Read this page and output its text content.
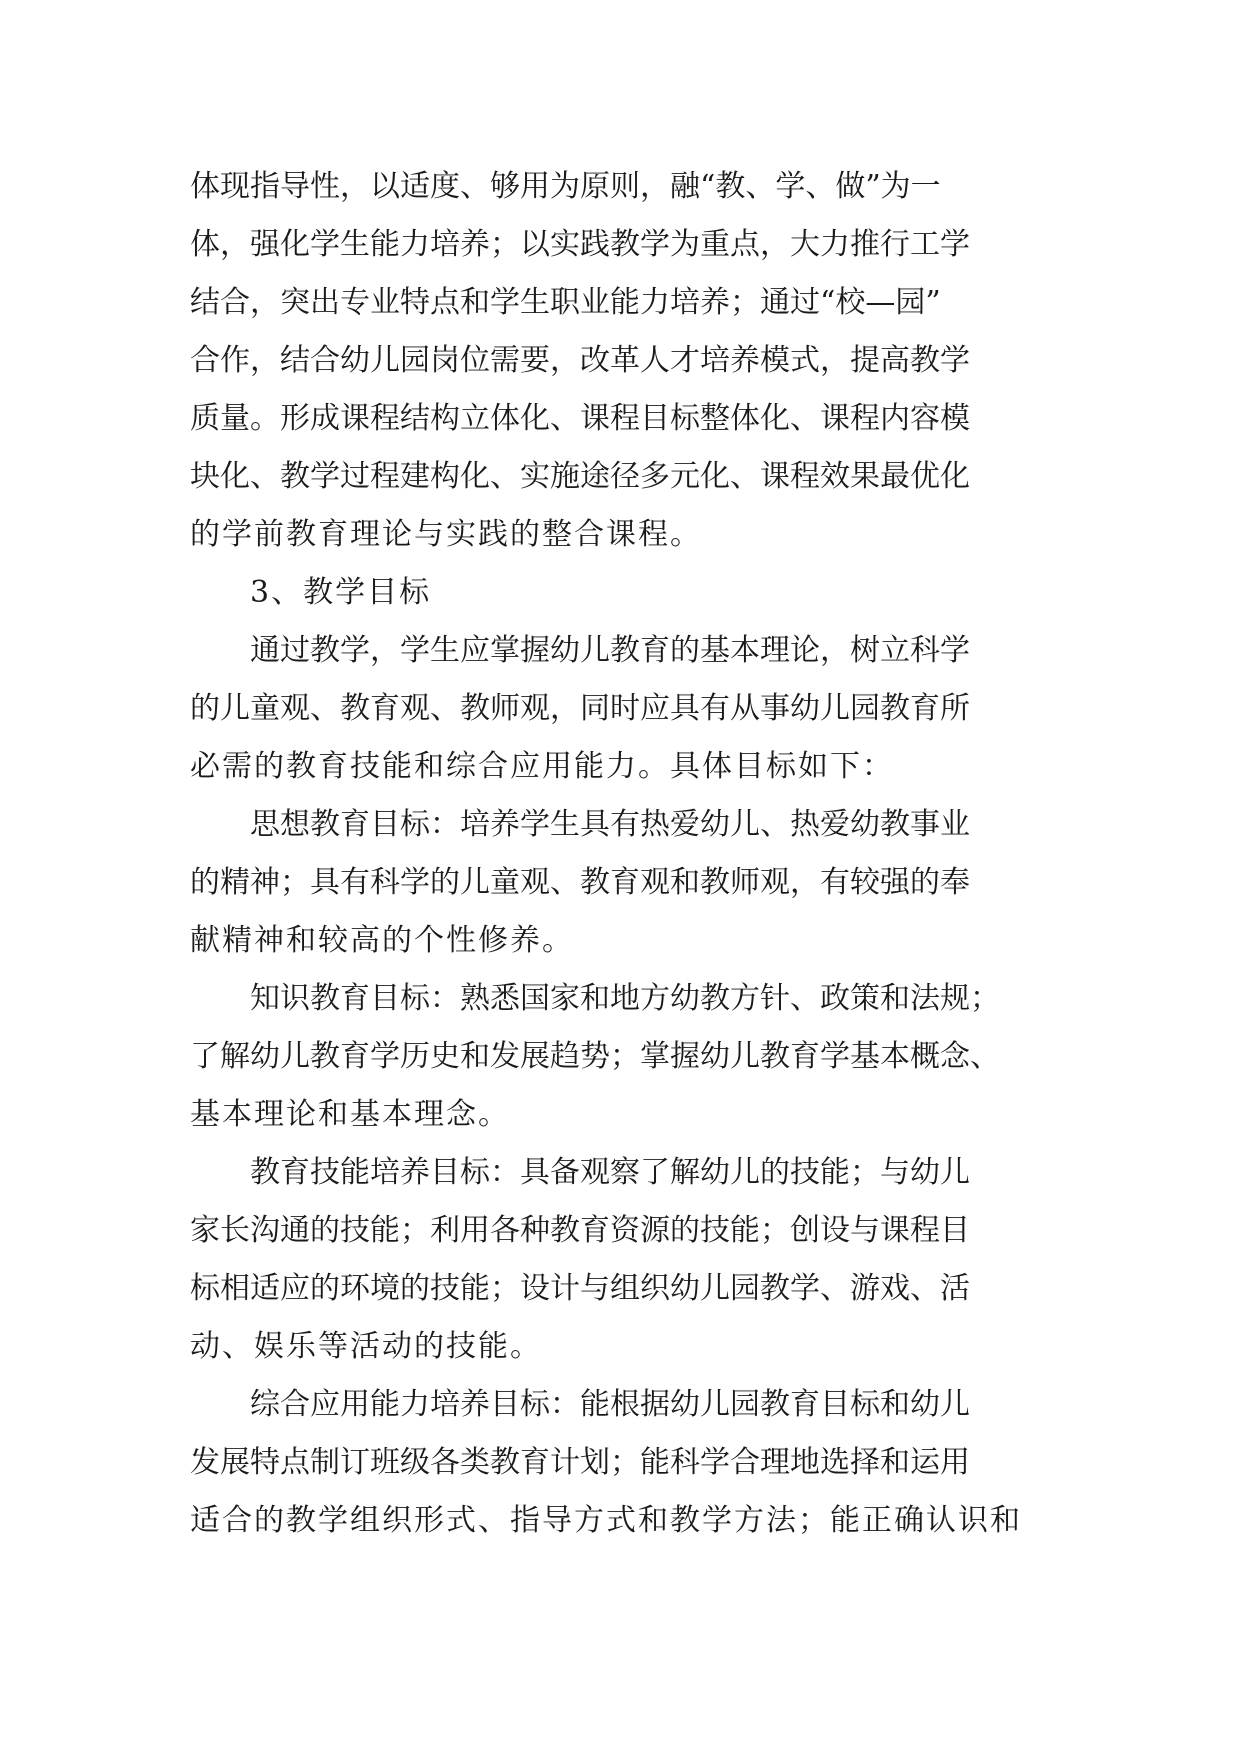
体现指导性，以适度、够用为原则，融“教、学、做”为一
体，强化学生能力培养；以实践教学为重点，大力推行工学
结合，突出专业特点和学生职业能力培养；通过“校—园”
合作，结合幼儿园岗位需要，改革人才培养模式，提高教学
质量。形成课程结构立体化、课程目标整体化、课程内容模
块化、教学过程建构化、实施途径多元化、课程效果最优化
的学前教育理论与实践的整合课程。
3、教学目标
通过教学，学生应掌握幼儿教育的基本理论，树立科学
的儿童观、教育观、教师观，同时应具有从事幼儿园教育所
必需的教育技能和综合应用能力。具体目标如下：
思想教育目标：培养学生具有热爱幼儿、热爱幼教事业
的精神；具有科学的儿童观、教育观和教师观，有较强的奉
献精神和较高的个性修养。
知识教育目标：熟悉国家和地方幼教方针、政策和法规；
了解幼儿教育学历史和发展趋势；掌握幼儿教育学基本概念、
基本理论和基本理念。
教育技能培养目标：具备观察了解幼儿的技能；与幼儿
家长沟通的技能；利用各种教育资源的技能；创设与课程目
标相适应的环境的技能；设计与组织幼儿园教学、游戏、活
动、娱乐等活动的技能。
综合应用能力培养目标：能根据幼儿园教育目标和幼儿
发展特点制订班级各类教育计划；能科学合理地选择和运用
适合的教学组织形式、指导方式和教学方法；能正确认识和
